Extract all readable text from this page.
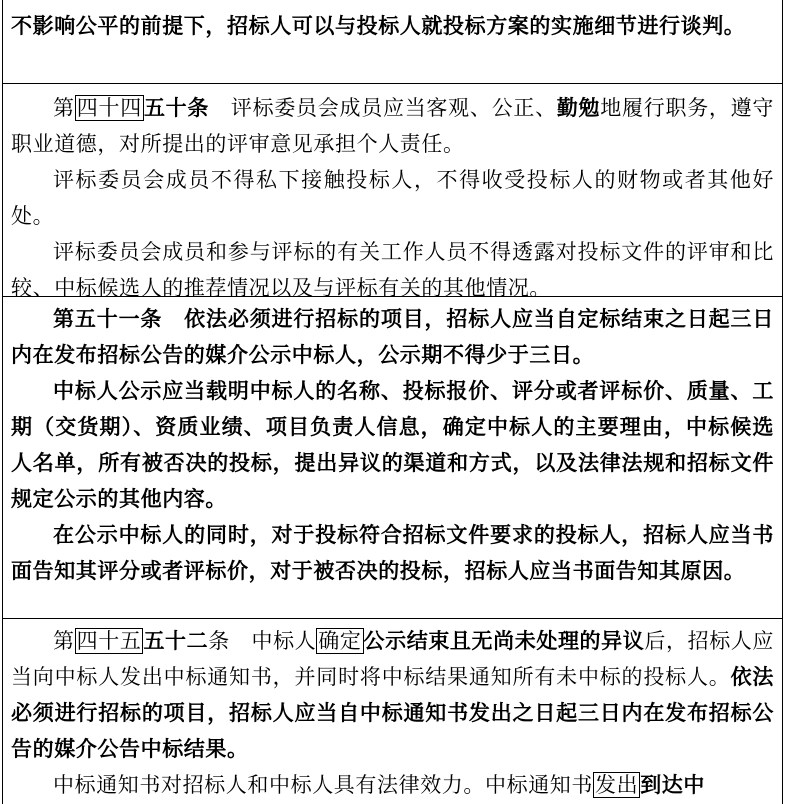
不影响公平的前提下，招标人可以与投标人就投标方案的实施细节进行谈判。

第四十四五十条　评标委员会成员应当客观、公正、勤勉地履行职务，遵守职业道德，对所提出的评审意见承担个人责任。

评标委员会成员不得私下接触投标人，不得收受投标人的财物或者其他好处。

评标委员会成员和参与评标的有关工作人员不得透露对投标文件的评审和比较、中标候选人的推荐情况以及与评标有关的其他情况。

第五十一条　依法必须进行招标的项目，招标人应当自定标结束之日起三日内在发布招标公告的媒介公示中标人，公示期不得少于三日。

中标人公示应当载明中标人的名称、投标报价、评分或者评标价、质量、工期（交货期）、资质业绩、项目负责人信息，确定中标人的主要理由，中标候选人名单，所有被否决的投标，提出异议的渠道和方式，以及法律法规和招标文件规定公示的其他内容。

在公示中标人的同时，对于投标符合招标文件要求的投标人，招标人应当书面告知其评分或者评标价，对于被否决的投标，招标人应当书面告知其原因。

第四十五五十二条　中标人确定公示结束且无尚未处理的异议后，招标人应当向中标人发出中标通知书，并同时将中标结果通知所有未中标的投标人。依法必须进行招标的项目，招标人应当自中标通知书发出之日起三日内在发布招标公告的媒介公告中标结果。

中标通知书对招标人和中标人具有法律效力。中标通知书发出到达中
